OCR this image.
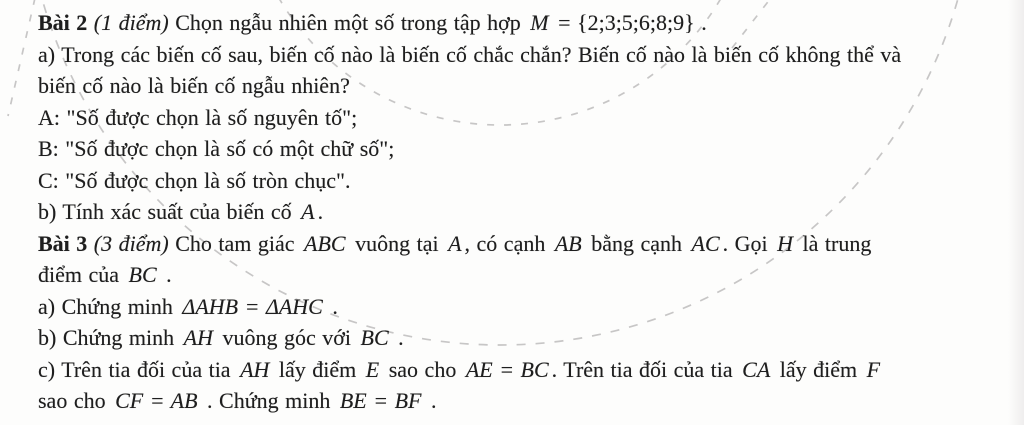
Bài 2 (1 điểm) Chọn ngẫu nhiên một số trong tập hợp M = {2;3;5;6;8;9} .
a) Trong các biến cố sau, biến cố nào là biến cố chắc chắn? Biến cố nào là biến cố không thể và
biến cố nào là biến cố ngẫu nhiên?
A: "Số được chọn là số nguyên tố";
B: "Số được chọn là số có một chữ số";
C: "Số được chọn là số tròn chục".
b) Tính xác suất của biến cố A .
Bài 3 (3 điểm) Cho tam giác ABC vuông tại A , có cạnh AB bằng cạnh AC . Gọi H là trung
điểm của BC .
a) Chứng minh ΔAHB = ΔAHC .
b) Chứng minh AH vuông góc với BC .
c) Trên tia đối của tia AH lấy điểm E sao cho AE = BC . Trên tia đối của tia CA lấy điểm F
sao cho CF = AB . Chứng minh BE = BF .
